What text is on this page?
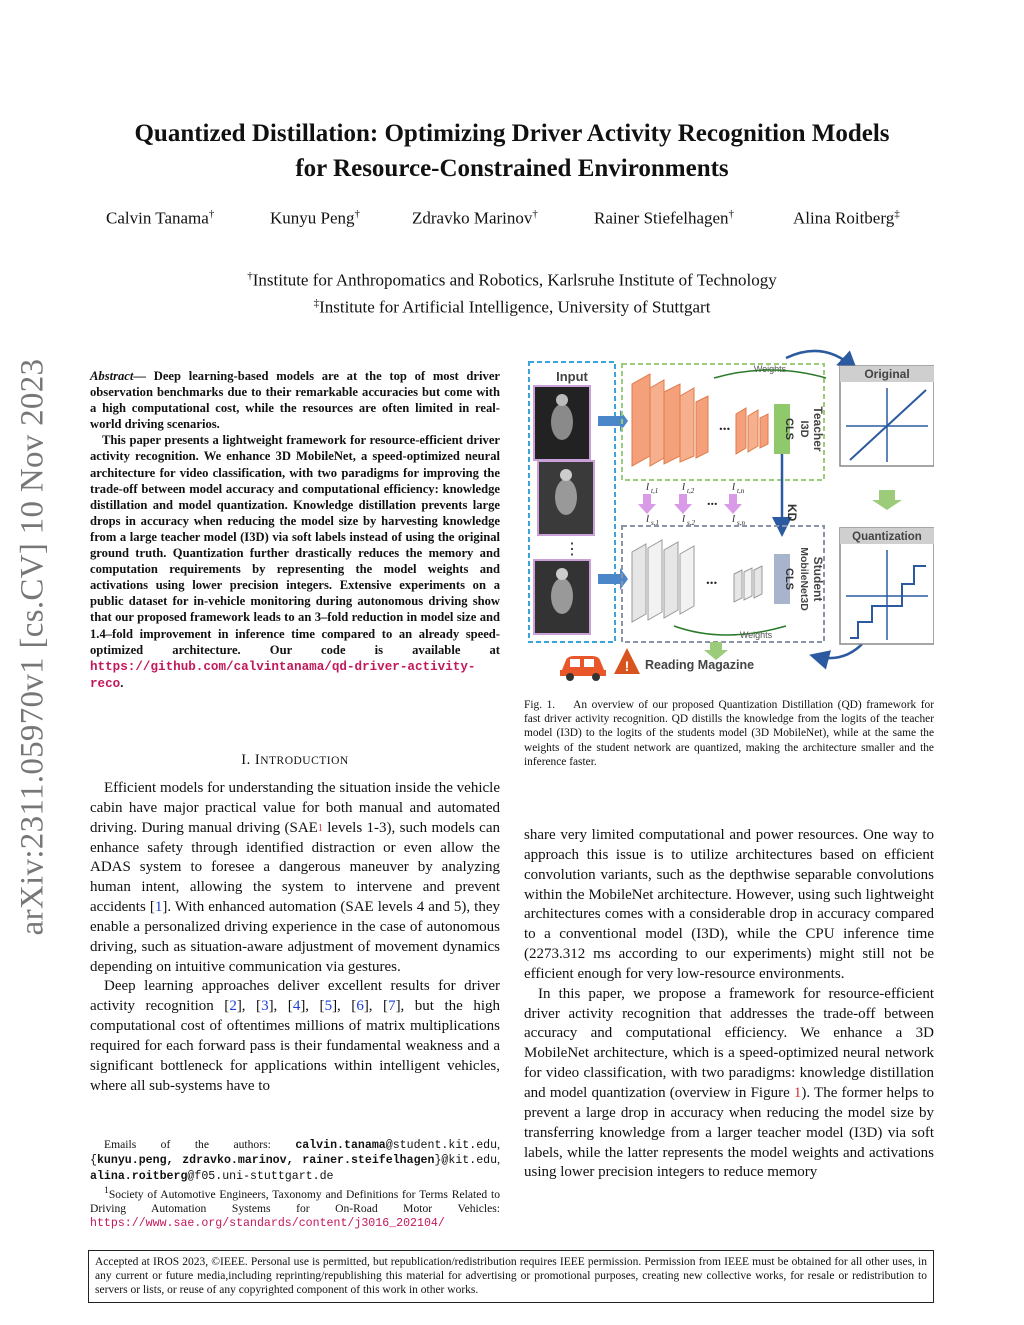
arXiv:2311.05970v1 [cs.CV] 10 Nov 2023
Quantized Distillation: Optimizing Driver Activity Recognition Models
for Resource-Constrained Environments
Calvin Tanama†	Kunyu Peng†	Zdravko Marinov†	Rainer Stiefelhagen†	Alina Roitberg‡
†Institute for Anthropomatics and Robotics, Karlsruhe Institute of Technology
‡Institute for Artificial Intelligence, University of Stuttgart

Abstract— Deep learning-based models are at the top of most driver observation benchmarks due to their remarkable accuracies but come with a high computational cost, while the resources are often limited in real-world driving scenarios.

This paper presents a lightweight framework for resource-efficient driver activity recognition. We enhance 3D MobileNet, a speed-optimized neural architecture for video classification, with two paradigms for improving the trade-off between model accuracy and computational efficiency: knowledge distillation and model quantization. Knowledge distillation prevents large drops in accuracy when reducing the model size by harvesting knowledge from a large teacher model (I3D) via soft labels instead of using the original ground truth. Quantization further drastically reduces the memory and computation requirements by representing the model weights and activations using lower precision integers. Extensive experiments on a public dataset for in-vehicle monitoring during autonomous driving show that our proposed framework leads to an 3–fold reduction in model size and 1.4–fold improvement in inference time compared to an already speed-optimized architecture. Our code is available at https://github.com/calvintanama/qd-driver-activity-reco.

I. INTRODUCTION

Efficient models for understanding the situation inside the vehicle cabin have major practical value for both manual and automated driving. During manual driving (SAE$^1$ levels 1-3), such models can enhance safety through identified distraction or even allow the ADAS system to foresee a dangerous maneuver by analyzing human intent, allowing the system to intervene and prevent accidents [1]. With enhanced automation (SAE levels 4 and 5), they enable a personalized driving experience in the case of autonomous driving, such as situation-aware adjustment of movement dynamics depending on intuitive communication via gestures.

Deep learning approaches deliver excellent results for driver activity recognition [2], [3], [4], [5], [6], [7], but the high computational cost of oftentimes millions of matrix multiplications required for each forward pass is their fundamental weakness and a significant bottleneck for applications within intelligent vehicles, where all sub-systems have to

Emails of the authors: calvin.tanama@student.kit.edu, {kunyu.peng, zdravko.marinov, rainer.steifelhagen}@kit.edu, alina.roitberg@f05.uni-stuttgart.de

$^1$Society of Automotive Engineers, Taxonomy and Definitions for Terms Related to Driving Automation Systems for On-Road Motor Vehicles: https://www.sae.org/standards/content/j3016_202104/

Input
⋮
Weights
...	CLS I3D Teacher
l t,1
l s,1
l t,2
l s,2
...
l t,n
l s,n
KD
...	CLS MobileNet3D Student
Weights
Original
Quantization
! Reading Magazine
Fig. 1. An overview of our proposed Quantization Distillation (QD) framework for fast driver activity recognition. QD distills the knowledge from the logits of the teacher model (I3D) to the logits of the students model (3D MobileNet), while at the same the weights of the student network are quantized, making the architecture smaller and the inference faster.

share very limited computational and power resources. One way to approach this issue is to utilize architectures based on efficient convolution variants, such as the depthwise separable convolutions within the MobileNet architecture. However, using such lightweight architectures comes with a considerable drop in accuracy compared to a conventional model (I3D), while the CPU inference time (2273.312 ms according to our experiments) might still not be efficient enough for very low-resource environments.

In this paper, we propose a framework for resource-efficient driver activity recognition that addresses the trade-off between accuracy and computational efficiency. We enhance a 3D MobileNet architecture, which is a speed-optimized neural network for video classification, with two paradigms: knowledge distillation and model quantization (overview in Figure 1). The former helps to prevent a large drop in accuracy when reducing the model size by transferring knowledge from a larger teacher model (I3D) via soft labels, while the latter represents the model weights and activations using lower precision integers to reduce memory

Accepted at IROS 2023, ©IEEE. Personal use is permitted, but republication/redistribution requires IEEE permission. Permission from IEEE must be obtained for all other uses, in any current or future media,including reprinting/republishing this material for advertising or promotional purposes, creating new collective works, for resale or redistribution to servers or lists, or reuse of any copyrighted component of this work in other works.
